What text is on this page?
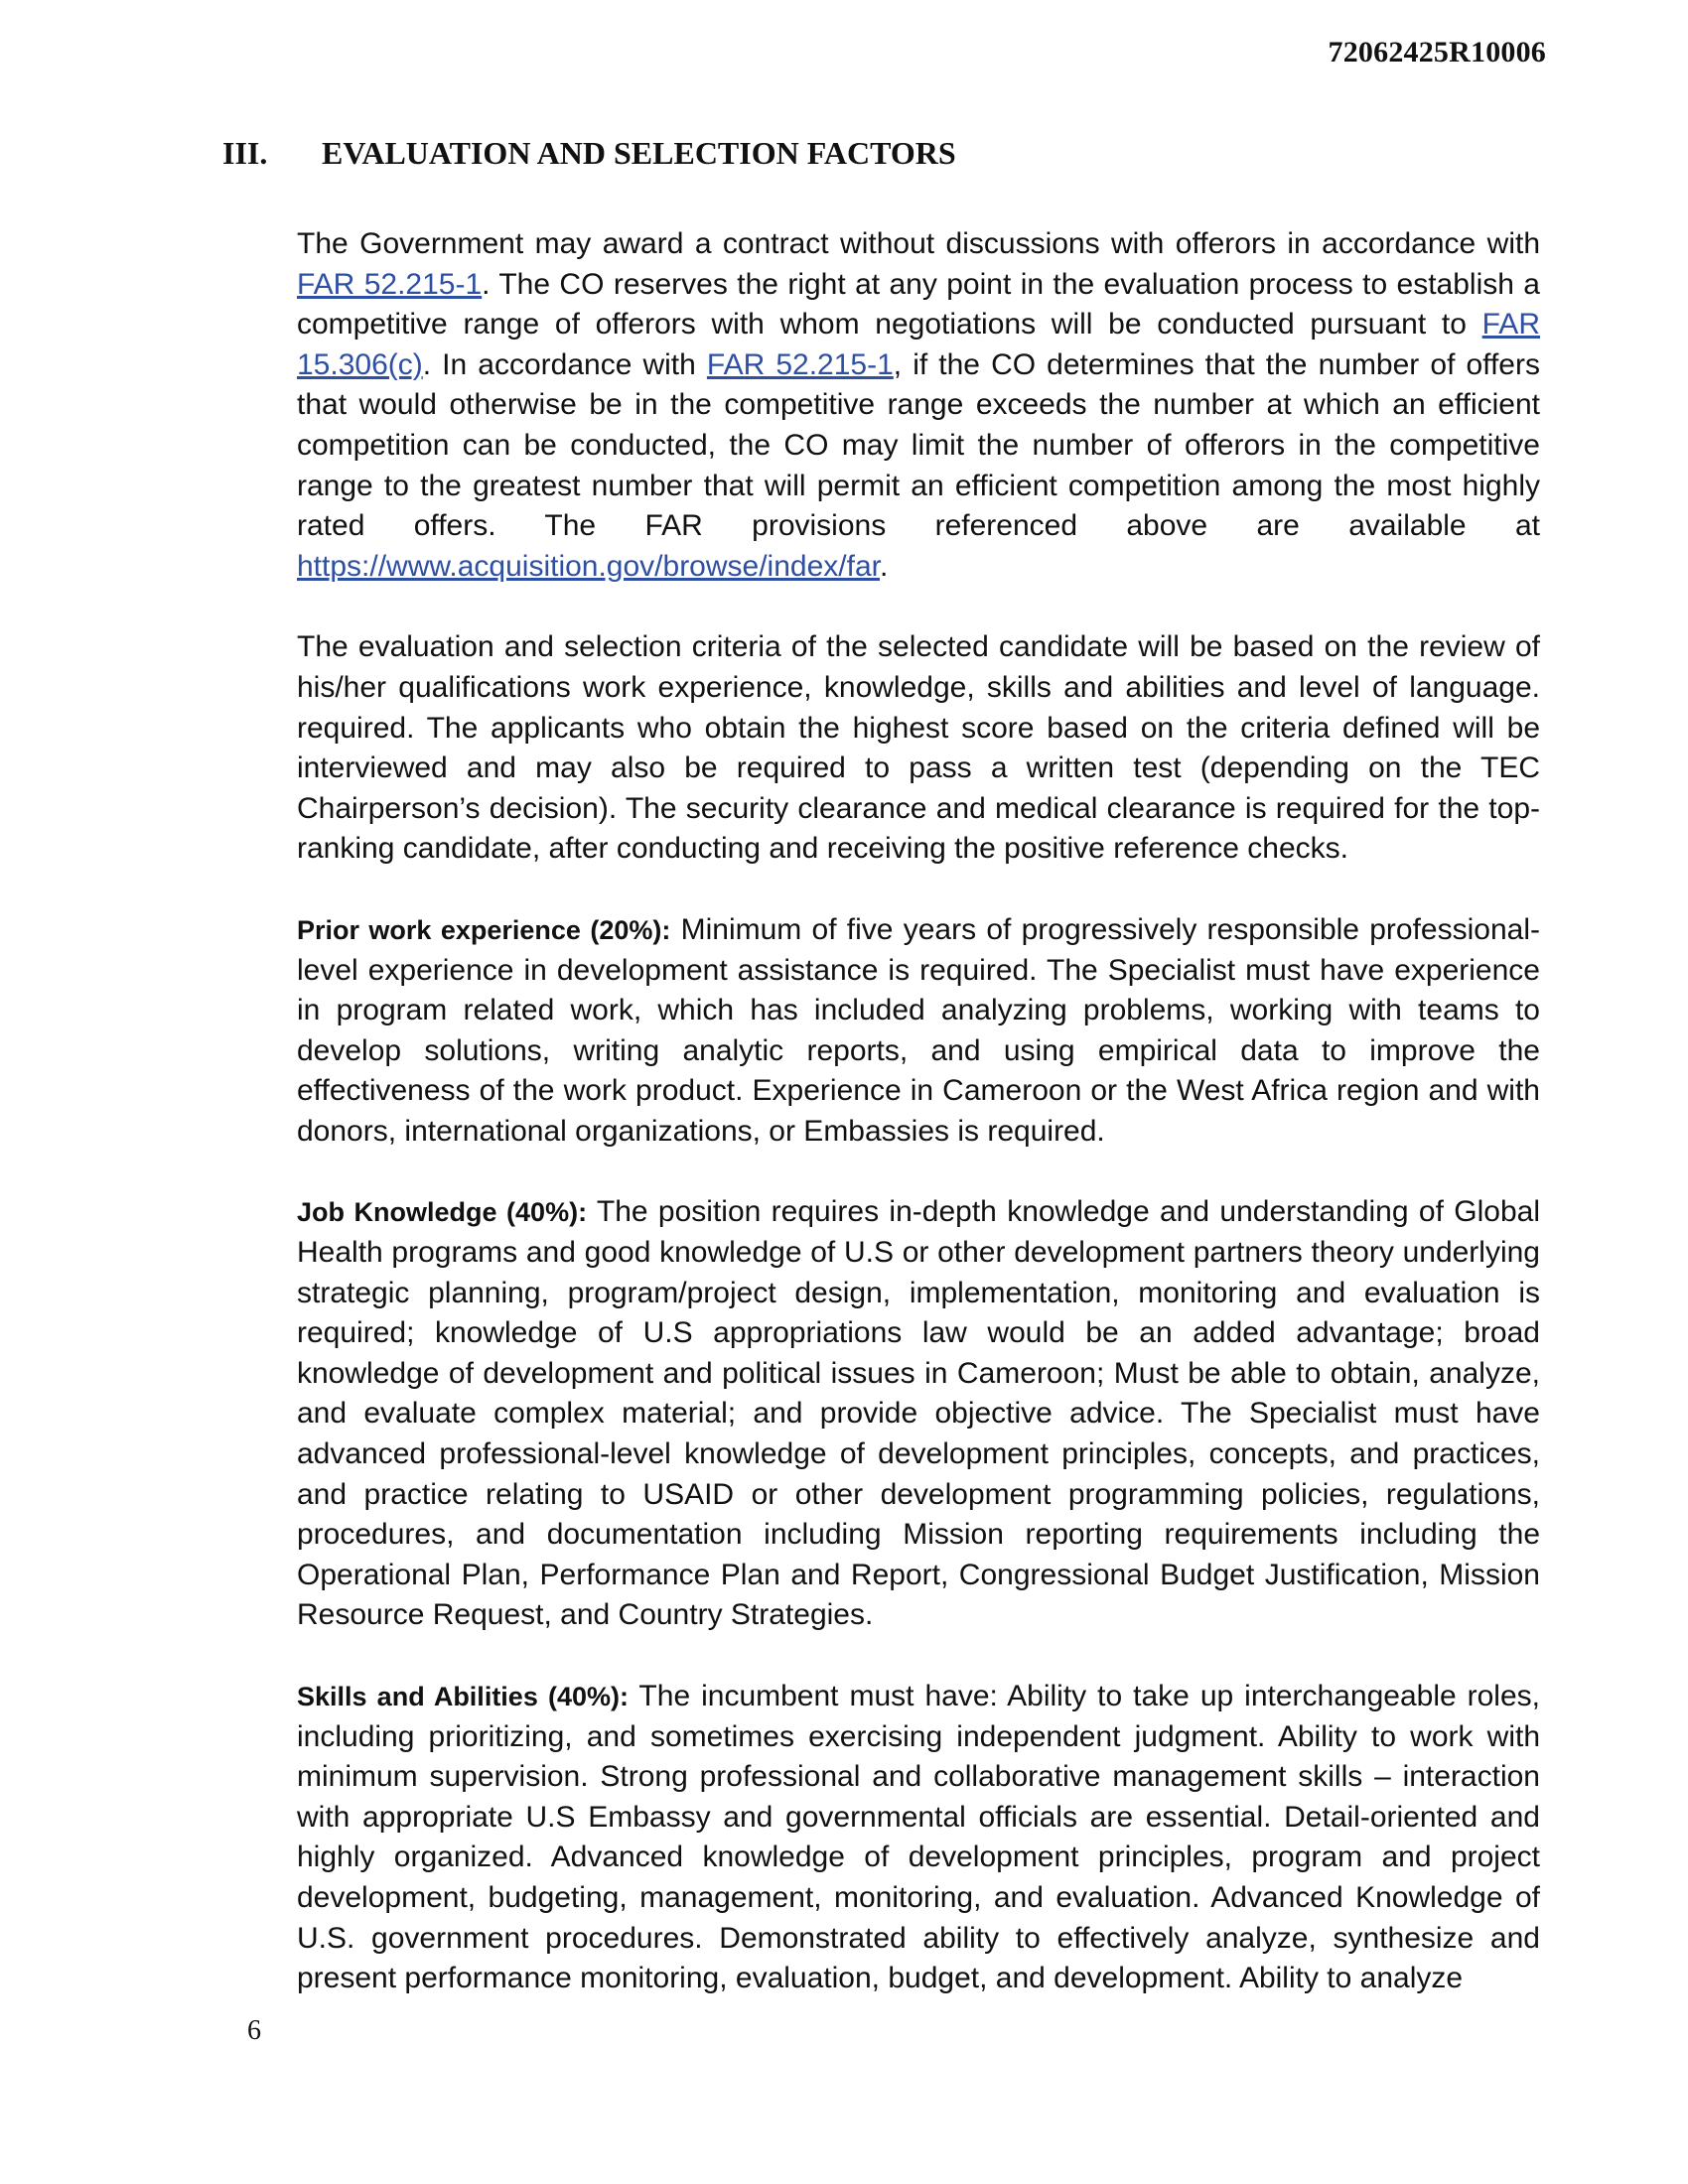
72062425R10006
III.	EVALUATION AND SELECTION FACTORS

The Government may award a contract without discussions with offerors in accordance with FAR 52.215-1. The CO reserves the right at any point in the evaluation process to establish a competitive range of offerors with whom negotiations will be conducted pursuant to FAR 15.306(c). In accordance with FAR 52.215-1, if the CO determines that the number of offers that would otherwise be in the competitive range exceeds the number at which an efficient competition can be conducted, the CO may limit the number of offerors in the competitive range to the greatest number that will permit an efficient competition among the most highly rated offers. The FAR provisions referenced above are available at https://www.acquisition.gov/browse/index/far.

The evaluation and selection criteria of the selected candidate will be based on the review of his/her qualifications work experience, knowledge, skills and abilities and level of language. required. The applicants who obtain the highest score based on the criteria defined will be interviewed and may also be required to pass a written test (depending on the TEC Chairperson’s decision). The security clearance and medical clearance is required for the top-ranking candidate, after conducting and receiving the positive reference checks.

Prior work experience (20%): Minimum of five years of progressively responsible professional-level experience in development assistance is required. The Specialist must have experience in program related work, which has included analyzing problems, working with teams to develop solutions, writing analytic reports, and using empirical data to improve the effectiveness of the work product. Experience in Cameroon or the West Africa region and with donors, international organizations, or Embassies is required.

Job Knowledge (40%): The position requires in-depth knowledge and understanding of Global Health programs and good knowledge of U.S or other development partners theory underlying strategic planning, program/project design, implementation, monitoring and evaluation is required; knowledge of U.S appropriations law would be an added advantage; broad knowledge of development and political issues in Cameroon; Must be able to obtain, analyze, and evaluate complex material; and provide objective advice. The Specialist must have advanced professional-level knowledge of development principles, concepts, and practices, and practice relating to USAID or other development programming policies, regulations, procedures, and documentation including Mission reporting requirements including the Operational Plan, Performance Plan and Report, Congressional Budget Justification, Mission Resource Request, and Country Strategies.

Skills and Abilities (40%): The incumbent must have: Ability to take up interchangeable roles, including prioritizing, and sometimes exercising independent judgment. Ability to work with minimum supervision. Strong professional and collaborative management skills – interaction with appropriate U.S Embassy and governmental officials are essential. Detail-oriented and highly organized. Advanced knowledge of development principles, program and project development, budgeting, management, monitoring, and evaluation. Advanced Knowledge of U.S. government procedures. Demonstrated ability to effectively analyze, synthesize and present performance monitoring, evaluation, budget, and development. Ability to analyze

6
